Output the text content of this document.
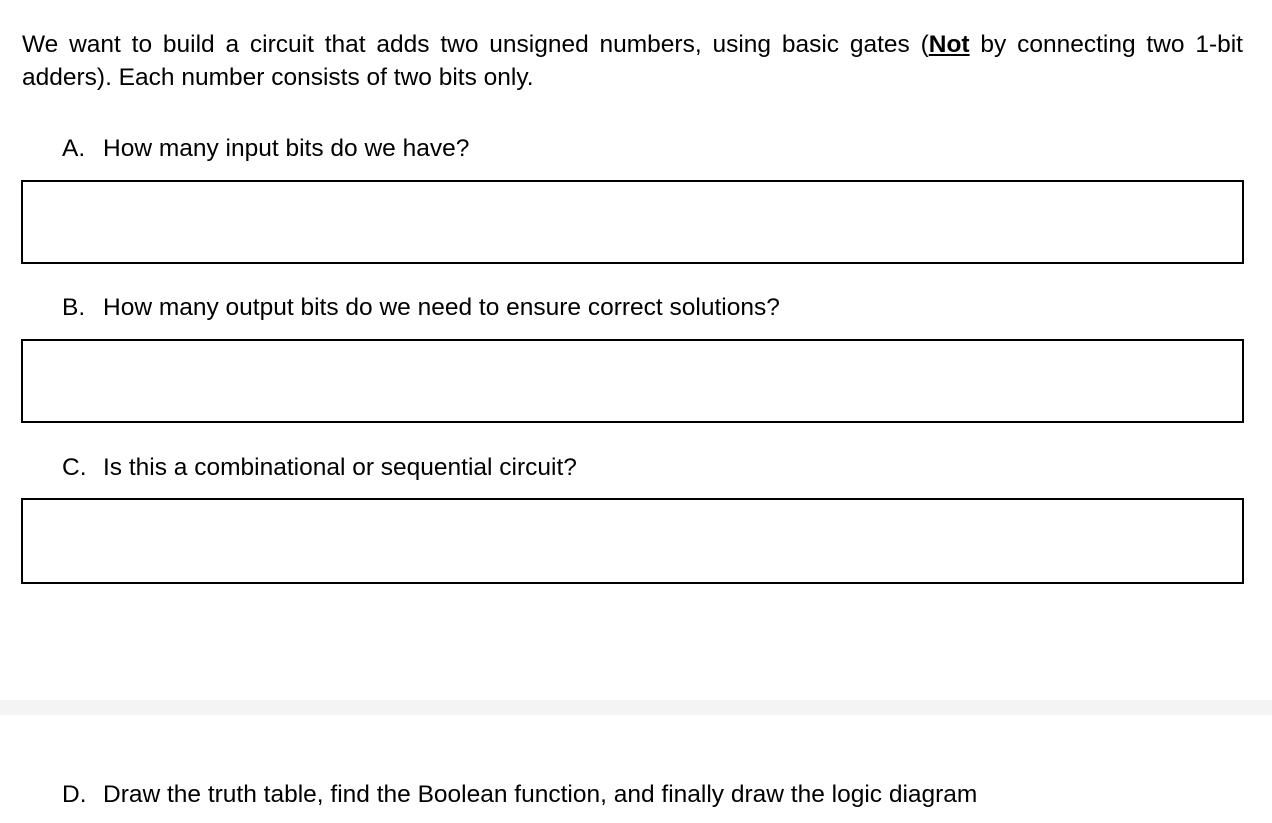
We want to build a circuit that adds two unsigned numbers, using basic gates (Not by connecting two 1-bit adders). Each number consists of two bits only.

A. How many input bits do we have?
B. How many output bits do we need to ensure correct solutions?
C. Is this a combinational or sequential circuit?
D. Draw the truth table, find the Boolean function, and finally draw the logic diagram
